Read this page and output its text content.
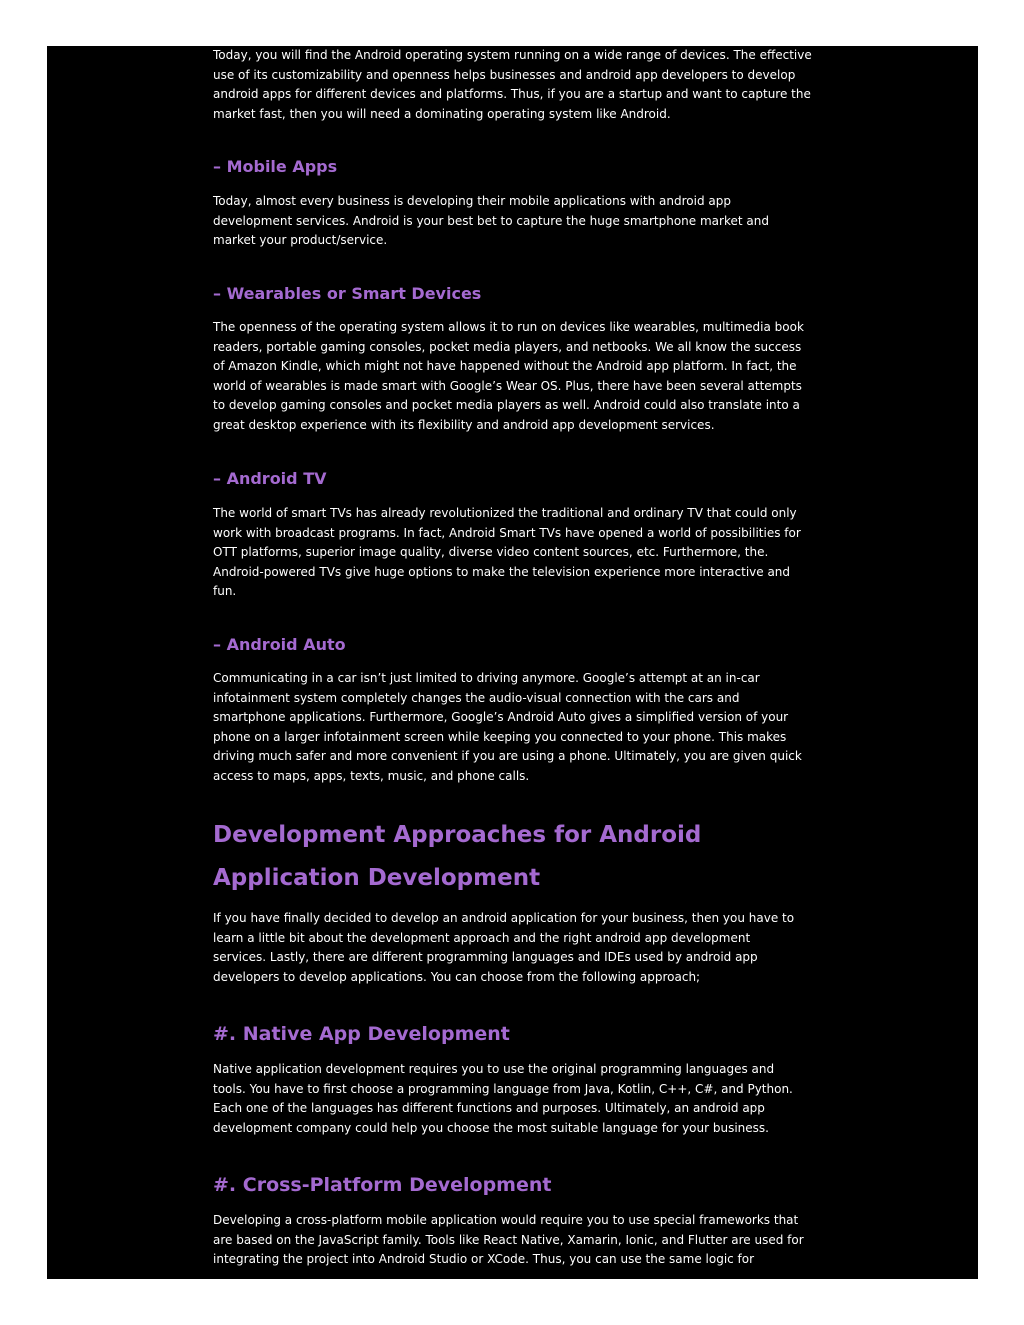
Today, you will find the Android operating system running on a wide range of devices. The effective use of its customizability and openness helps businesses and android app developers to develop android apps for different devices and platforms. Thus, if you are a startup and want to capture the market fast, then you will need a dominating operating system like Android.

– Mobile Apps

Today, almost every business is developing their mobile applications with android app development services. Android is your best bet to capture the huge smartphone market and market your product/service.

– Wearables or Smart Devices

The openness of the operating system allows it to run on devices like wearables, multimedia book readers, portable gaming consoles, pocket media players, and netbooks. We all know the success of Amazon Kindle, which might not have happened without the Android app platform. In fact, the world of wearables is made smart with Google’s Wear OS. Plus, there have been several attempts to develop gaming consoles and pocket media players as well. Android could also translate into a great desktop experience with its flexibility and android app development services.

– Android TV

The world of smart TVs has already revolutionized the traditional and ordinary TV that could only work with broadcast programs. In fact, Android Smart TVs have opened a world of possibilities for OTT platforms, superior image quality, diverse video content sources, etc. Furthermore, the. Android-powered TVs give huge options to make the television experience more interactive and fun.

– Android Auto

Communicating in a car isn’t just limited to driving anymore. Google’s attempt at an in-car infotainment system completely changes the audio-visual connection with the cars and smartphone applications. Furthermore, Google’s Android Auto gives a simplified version of your phone on a larger infotainment screen while keeping you connected to your phone. This makes driving much safer and more convenient if you are using a phone. Ultimately, you are given quick access to maps, apps, texts, music, and phone calls.

Development Approaches for Android
Application Development

If you have finally decided to develop an android application for your business, then you have to learn a little bit about the development approach and the right android app development services. Lastly, there are different programming languages and IDEs used by android app developers to develop applications. You can choose from the following approach;

#. Native App Development

Native application development requires you to use the original programming languages and tools. You have to first choose a programming language from Java, Kotlin, C++, C#, and Python. Each one of the languages has different functions and purposes. Ultimately, an android app development company could help you choose the most suitable language for your business.

#. Cross-Platform Development

Developing a cross-platform mobile application would require you to use special frameworks that are based on the JavaScript family. Tools like React Native, Xamarin, Ionic, and Flutter are used for integrating the project into Android Studio or XCode. Thus, you can use the same logic for
